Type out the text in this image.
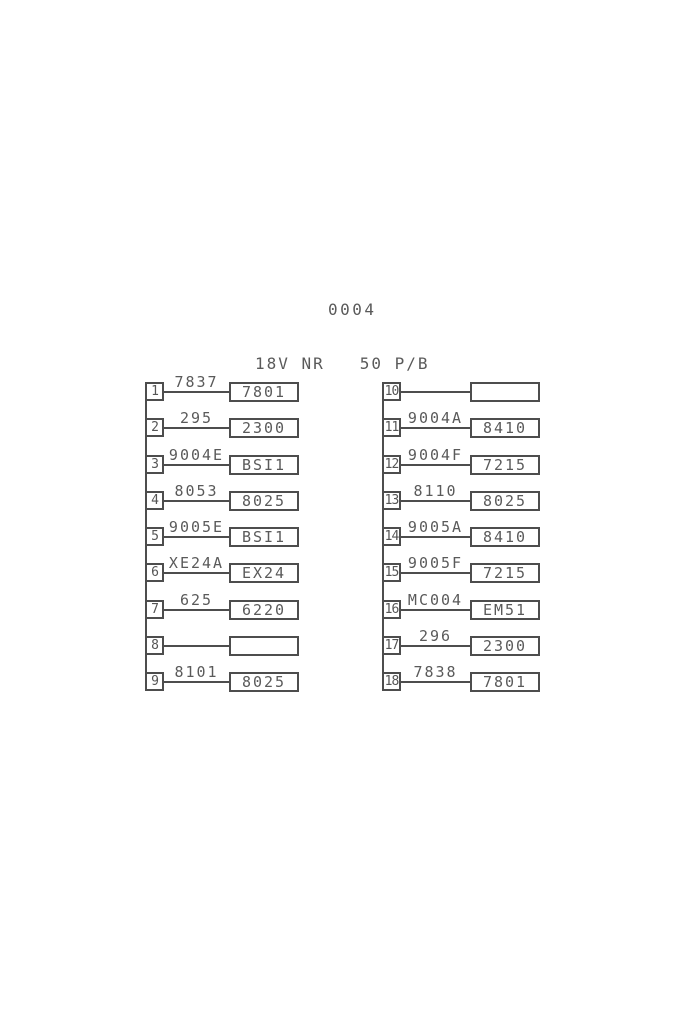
0004
18V NR   50 P/B
1
7837
7801
2
295
2300
3
9004E
BSI1
4
8053
8025
5
9005E
BSI1
6
XE24A
EX24
7
625
6220
8
9
8101
8025
10
11
9004A
8410
12
9004F
7215
13
8110
8025
14
9005A
8410
15
9005F
7215
16
MC004
EM51
17
296
2300
18
7838
7801
